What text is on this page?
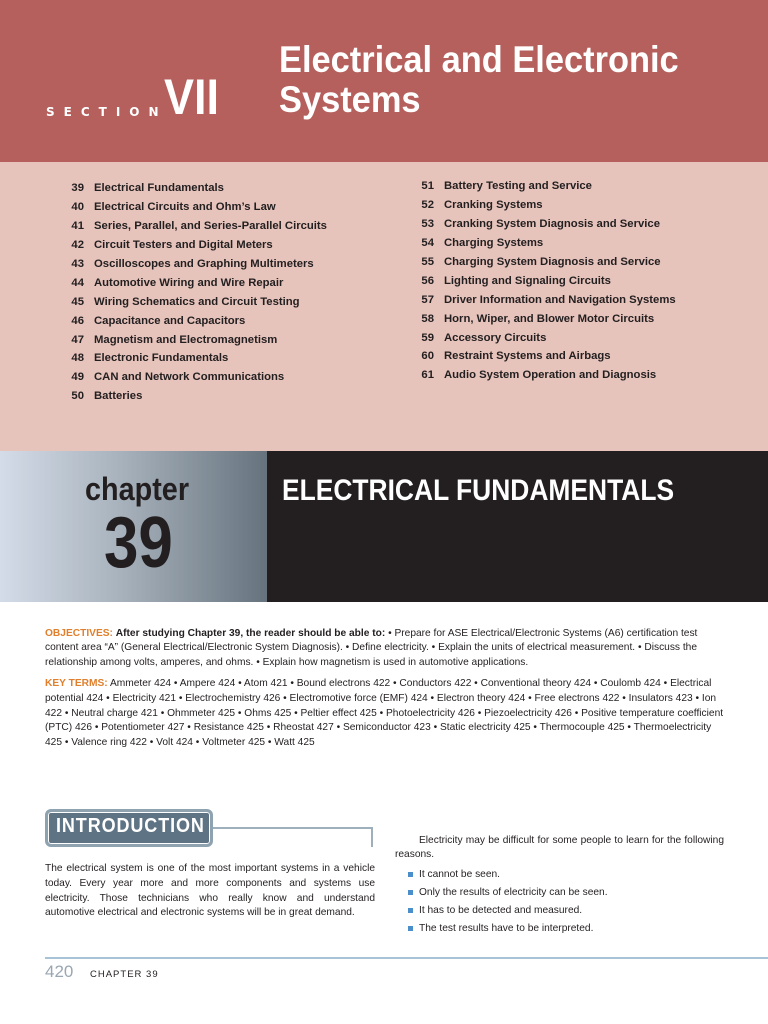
SECTION
VII
Electrical and Electronic
Systems
39 Electrical Fundamentals
40 Electrical Circuits and Ohm’s Law
41 Series, Parallel, and Series-Parallel Circuits
42 Circuit Testers and Digital Meters
43 Oscilloscopes and Graphing Multimeters
44 Automotive Wiring and Wire Repair
45 Wiring Schematics and Circuit Testing
46 Capacitance and Capacitors
47 Magnetism and Electromagnetism
48 Electronic Fundamentals
49 CAN and Network Communications
50 Batteries
51 Battery Testing and Service
52 Cranking Systems
53 Cranking System Diagnosis and Service
54 Charging Systems
55 Charging System Diagnosis and Service
56 Lighting and Signaling Circuits
57 Driver Information and Navigation Systems
58 Horn, Wiper, and Blower Motor Circuits
59 Accessory Circuits
60 Restraint Systems and Airbags
61 Audio System Operation and Diagnosis
chapter
39
ELECTRICAL FUNDAMENTALS

OBJECTIVES: After studying Chapter 39, the reader should be able to: • Prepare for ASE Electrical/Electronic Systems (A6) certification test content area “A” (General Electrical/Electronic System Diagnosis). • Define electricity. • Explain the units of electrical measurement. • Discuss the relationship among volts, amperes, and ohms. • Explain how magnetism is used in automotive applications.

KEY TERMS: Ammeter 424 • Ampere 424 • Atom 421 • Bound electrons 422 • Conductors 422 • Conventional theory 424 • Coulomb 424 • Electrical potential 424 • Electricity 421 • Electrochemistry 426 • Electromotive force (EMF) 424 • Electron theory 424 • Free electrons 422 • Insulators 423 • Ion 422 • Neutral charge 421 • Ohmmeter 425 • Ohms 425 • Peltier effect 425 • Photoelectricity 426 • Piezoelectricity 426 • Positive temperature coefficient (PTC) 426 • Potentiometer 427 • Resistance 425 • Rheostat 427 • Semiconductor 423 • Static electricity 425 • Thermocouple 425 • Thermoelectricity 425 • Valence ring 422 • Volt 424 • Voltmeter 425 • Watt 425

INTRODUCTION

The electrical system is one of the most important systems in a vehicle today. Every year more and more components and systems use electricity. Those technicians who really know and understand automotive electrical and electronic systems will be in great demand.

Electricity may be difficult for some people to learn for the following reasons.

It cannot be seen.
Only the results of electricity can be seen.
It has to be detected and measured.
The test results have to be interpreted.
420 CHAPTER 39
